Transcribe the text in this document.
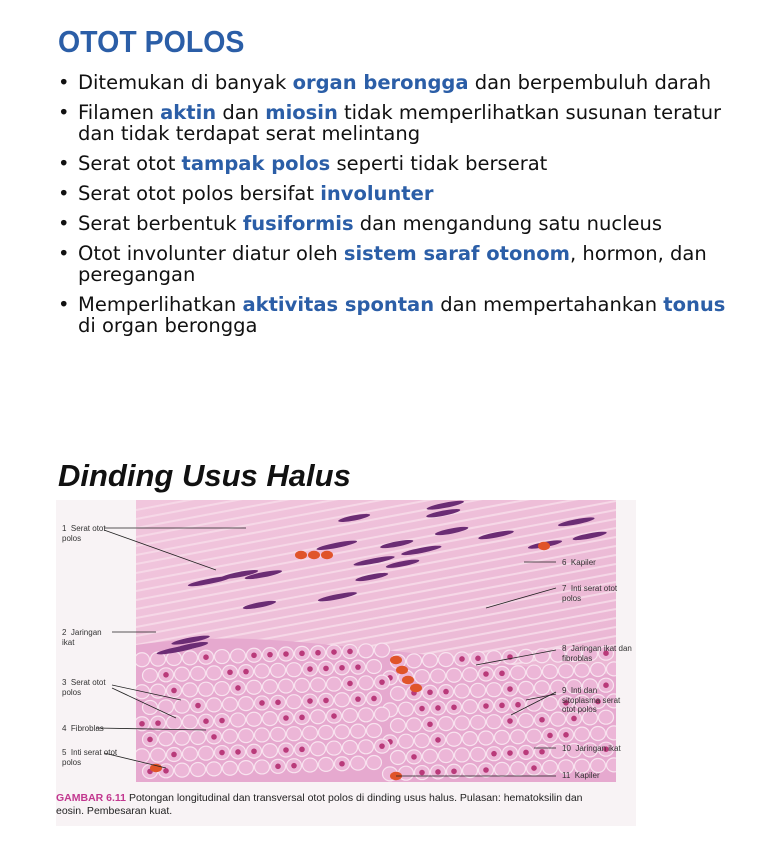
OTOT POLOS
• Ditemukan di banyak organ berongga dan berpembuluh darah
• Filamen aktin dan miosin tidak memperlihatkan susunan teratur dan tidak terdapat serat melintang
• Serat otot tampak polos seperti tidak berserat
• Serat otot polos bersifat involunter
• Serat berbentuk fusiformis dan mengandung satu nucleus
• Otot involunter diatur oleh sistem saraf otonom, hormon, dan peregangan
• Memperlihatkan aktivitas spontan dan mempertahankan tonus di organ berongga
Dinding Usus Halus
1 Serat otot polos
2 Jaringan ikat
3 Serat otot polos
4 Fibroblas
5 Inti serat otot polos
6 Kapiler
7 Inti serat otot polos
8 Jaringan ikat dan fibroblas
9 Inti dan sitoplasma serat otot polos
10 Jaringan ikat
11 Kapiler
GAMBAR 6.11 Potongan longitudinal dan transversal otot polos di dinding usus halus. Pulasan: hematoksilin dan eosin. Pembesaran kuat.
